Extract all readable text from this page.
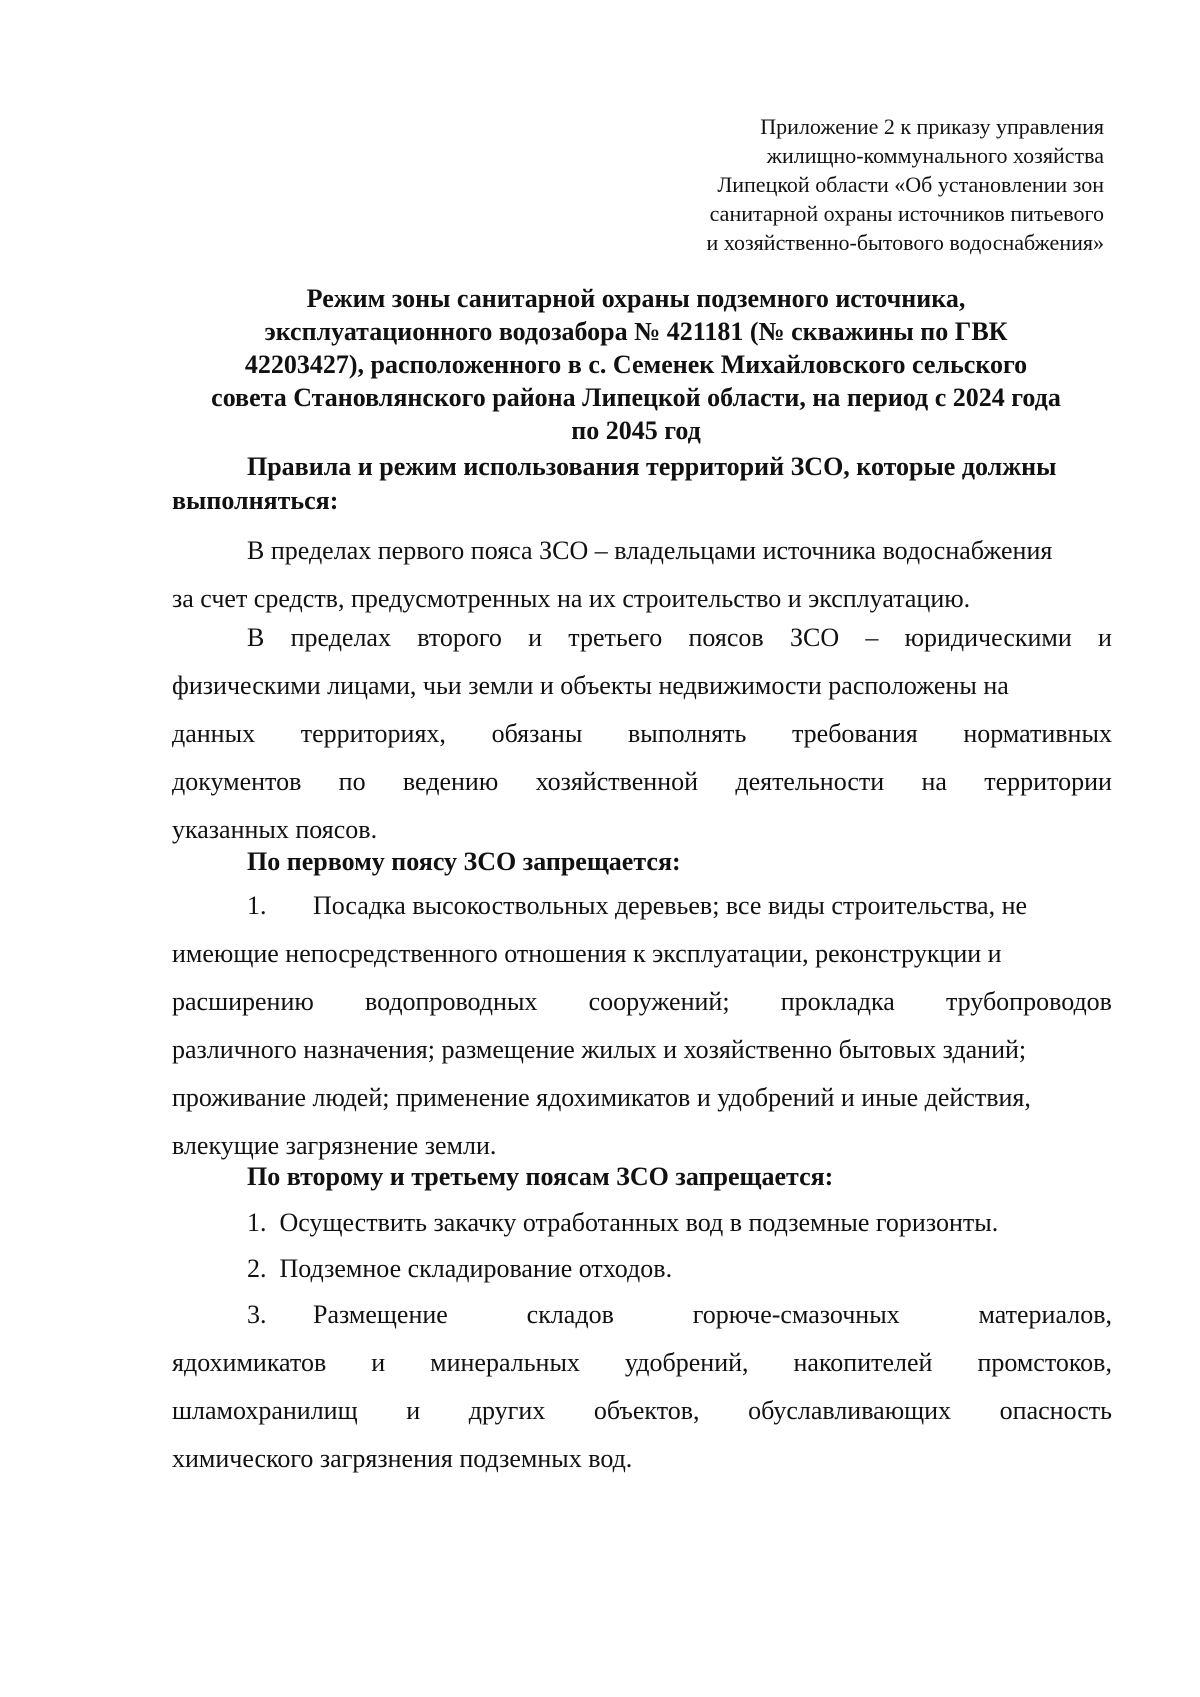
Приложение 2 к приказу управления
жилищно-коммунального хозяйства
Липецкой области «Об установлении зон
санитарной охраны источников питьевого
и хозяйственно-бытового водоснабжения»
Режим зоны санитарной охраны подземного источника,
эксплуатационного водозабора № 421181 (№ скважины по ГВК
42203427), расположенного в с. Семенек Михайловского сельского
совета Становлянского района Липецкой области, на период с 2024 года
по 2045 год
Правила и режим использования территорий ЗСО, которые должны
выполняться:
В пределах первого пояса ЗСО – владельцами источника водоснабжения
за счет средств, предусмотренных на их строительство и эксплуатацию.
В пределах второго и третьего поясов ЗСО – юридическими и
физическими лицами, чьи земли и объекты недвижимости расположены на
данных территориях, обязаны выполнять требования нормативных
документов по ведению хозяйственной деятельности на территории
указанных поясов.
По первому поясу ЗСО запрещается:
1. Посадка высокоствольных деревьев; все виды строительства, не
имеющие непосредственного отношения к эксплуатации, реконструкции и
расширению водопроводных сооружений; прокладка трубопроводов
различного назначения; размещение жилых и хозяйственно бытовых зданий;
проживание людей; применение ядохимикатов и удобрений и иные действия,
влекущие загрязнение земли.
По второму и третьему поясам ЗСО запрещается:
1.  Осуществить закачку отработанных вод в подземные горизонты.
2.  Подземное складирование отходов.
3.	Размещение	складов	горюче-смазочных	материалов,
ядохимикатов и минеральных удобрений, накопителей промстоков,
шламохранилищ и других объектов, обуславливающих опасность
химического загрязнения подземных вод.
